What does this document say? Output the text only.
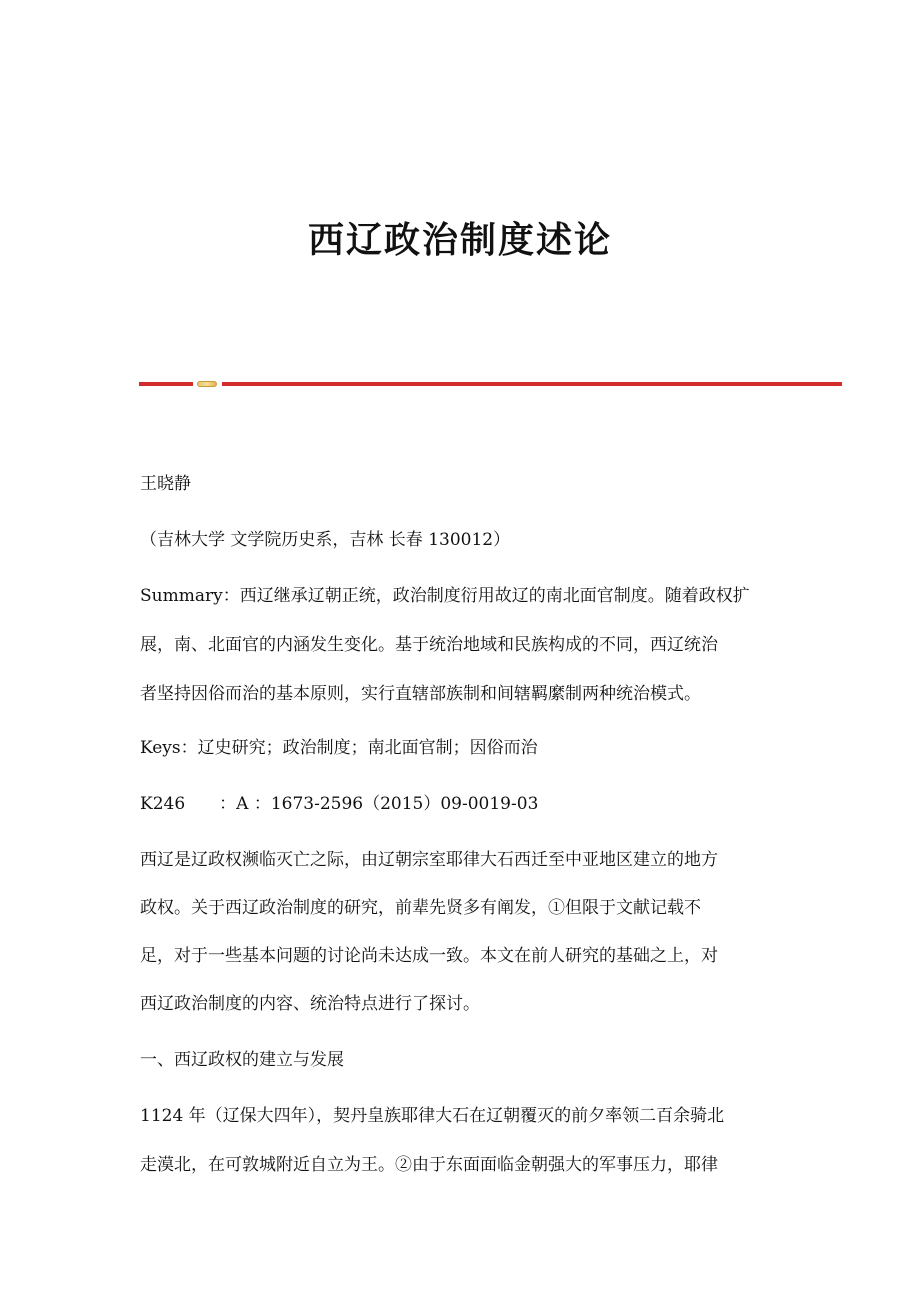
西辽政治制度述论

王晓静

（吉林大学 文学院历史系，吉林 长春 130012）

Summary：西辽继承辽朝正统，政治制度衍用故辽的南北面官制度。随着政权扩

展，南、北面官的内涵发生变化。基于统治地域和民族构成的不同，西辽统治

者坚持因俗而治的基本原则，实行直辖部族制和间辖羁縻制两种统治模式。

Keys：辽史研究；政治制度；南北面官制；因俗而治

K246　　：A ：1673-2596（2015）09-0019-03

西辽是辽政权濒临灭亡之际，由辽朝宗室耶律大石西迁至中亚地区建立的地方

政权。关于西辽政治制度的研究，前辈先贤多有阐发，①但限于文献记载不

足，对于一些基本问题的讨论尚未达成一致。本文在前人研究的基础之上，对

西辽政治制度的内容、统治特点进行了探讨。

一、西辽政权的建立与发展

1124 年（辽保大四年），契丹皇族耶律大石在辽朝覆灭的前夕率领二百余骑北

走漠北，在可敦城附近自立为王。②由于东面面临金朝强大的军事压力，耶律
